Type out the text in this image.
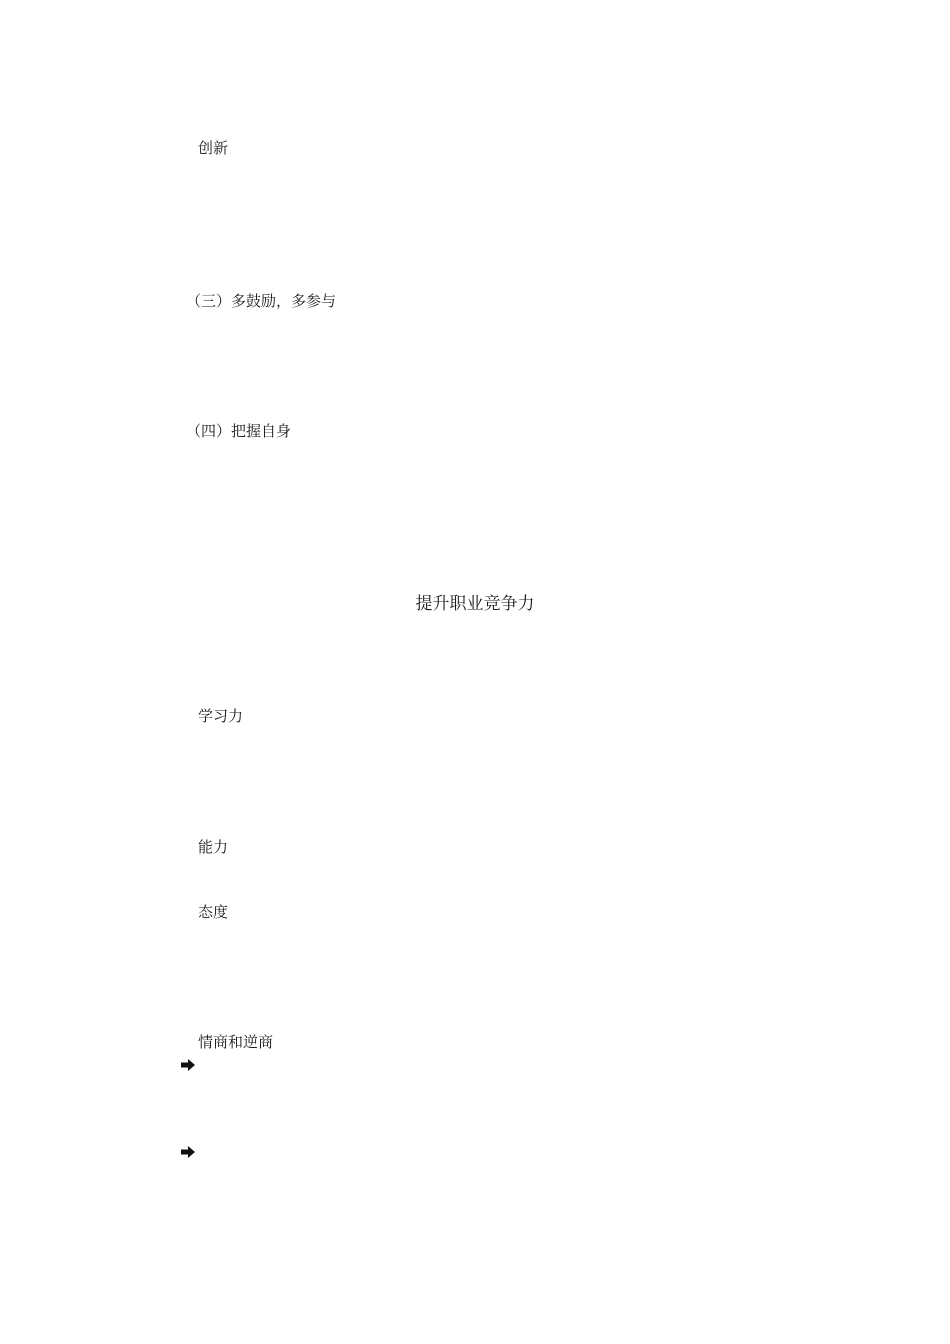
创新
（三）多鼓励，多参与
（四）把握自身
提升职业竞争力
学习力
能力
态度
情商和逆商
